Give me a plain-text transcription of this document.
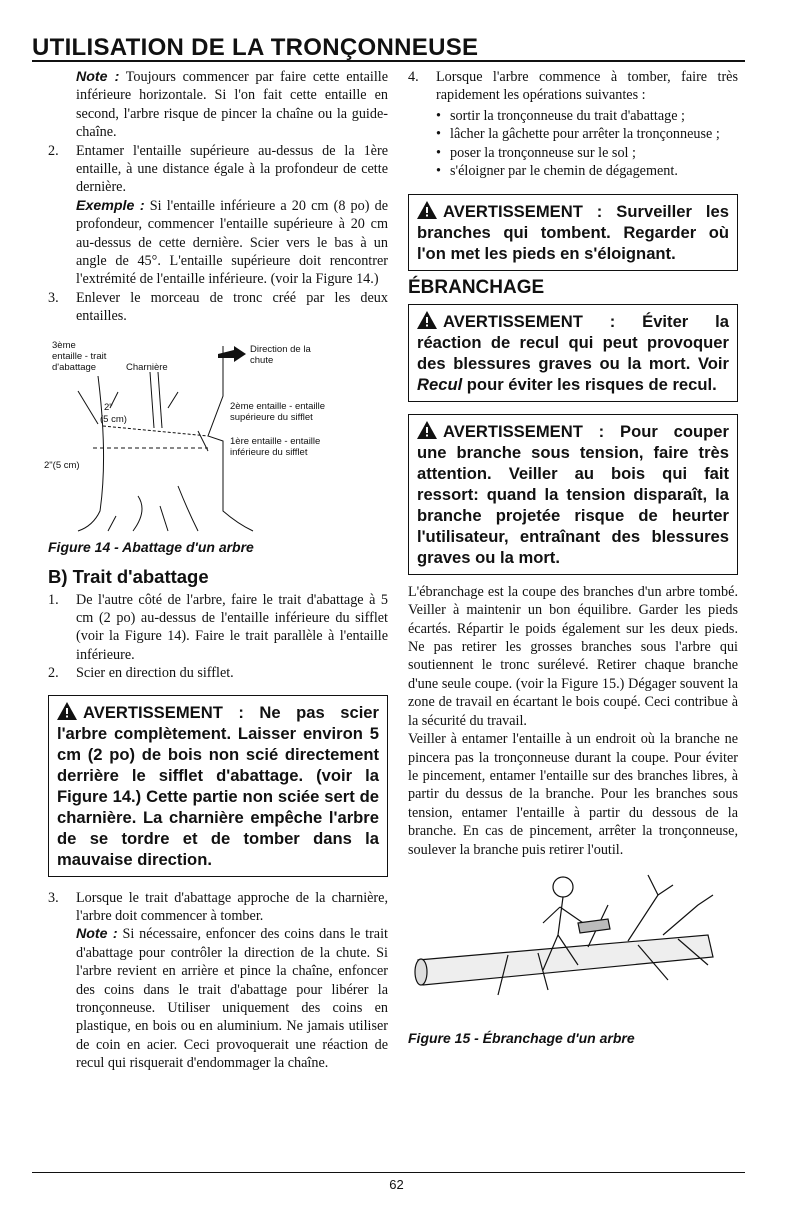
UTILISATION DE LA TRONÇONNEUSE

Note : Toujours commencer par faire cette entaille inférieure horizontale. Si l'on fait cette entaille en second, l'arbre risque de pincer la chaîne ou la guide-chaîne.

2. Entamer l'entaille supérieure au-dessus de la 1ère entaille, à une distance égale à la profondeur de cette dernière.

Exemple : Si l'entaille inférieure a 20 cm (8 po) de profondeur, commencer l'entaille supérieure à 20 cm au-dessus de cette dernière. Scier vers le bas à un angle de 45°. L'entaille supérieure doit rencontrer l'extrémité de l'entaille inférieure. (voir la Figure 14.)

3. Enlever le morceau de tronc créé par les deux entailles.

3ème
entaille - trait
d'abattage	Charnière
Direction de la
chute
2"
(5 cm)
2"(5 cm)
2ème entaille - entaille
supérieure du sifflet
1ère entaille - entaille
inférieure du sifflet
Figure 14 - Abattage d'un arbre
B) Trait d'abattage

1. De l'autre côté de l'arbre, faire le trait d'abattage à 5 cm (2 po) au-dessus de l'entaille inférieure du sifflet (voir la Figure 14). Faire le trait parallèle à l'entaille inférieure.

2. Scier en direction du sifflet.

AVERTISSEMENT : Ne pas scier l'arbre complètement. Laisser environ 5 cm (2 po) de bois non scié directement derrière le sifflet d'abattage. (voir la Figure 14.) Cette partie non sciée sert de charnière. La charnière empêche l'arbre de se tordre et de tomber dans la mauvaise direction.

3. Lorsque le trait d'abattage approche de la charnière, l'arbre doit commencer à tomber.

Note : Si nécessaire, enfoncer des coins dans le trait d'abattage pour contrôler la direction de la chute. Si l'arbre revient en arrière et pince la chaîne, enfoncer des coins dans le trait d'abattage pour libérer la tronçonneuse. Utiliser uniquement des coins en plastique, en bois ou en aluminium. Ne jamais utiliser de coin en acier. Ceci provoquerait une réaction de recul qui risquerait d'endommager la chaîne.

4. Lorsque l'arbre commence à tomber, faire très rapidement les opérations suivantes :

• sortir la tronçonneuse du trait d'abattage ;
• lâcher la gâchette pour arrêter la tronçonneuse ;
• poser la tronçonneuse sur le sol ;
• s'éloigner par le chemin de dégagement.
AVERTISSEMENT : Surveiller les branches qui tombent. Regarder où l'on met les pieds en s'éloignant.
ÉBRANCHAGE
AVERTISSEMENT : Éviter la réaction de recul qui peut provoquer des blessures graves ou la mort. Voir Recul pour éviter les risques de recul.
AVERTISSEMENT : Pour couper une branche sous tension, faire très attention. Veiller au bois qui fait ressort: quand la tension disparaît, la branche projetée risque de heurter l'utilisateur, entraînant des blessures graves ou la mort.

L'ébranchage est la coupe des branches d'un arbre tombé. Veiller à maintenir un bon équilibre. Garder les pieds écartés. Répartir le poids également sur les deux pieds. Ne pas retirer les grosses branches sous l'arbre qui soutiennent le tronc surélevé. Retirer chaque branche d'une seule coupe. (voir la Figure 15.) Dégager souvent la zone de travail en écartant le bois coupé. Ceci contribue à la sécurité du travail.

Veiller à entamer l'entaille à un endroit où la branche ne pincera pas la tronçonneuse durant la coupe. Pour éviter le pincement, entamer l'entaille sur des branches libres, à partir du dessus de la branche. Pour les branches sous tension, entamer l'entaille à partir du dessous de la branche. En cas de pincement, arrêter la tronçonneuse, soulever la branche puis retirer l'outil.

Figure 15 - Ébranchage d'un arbre
62
